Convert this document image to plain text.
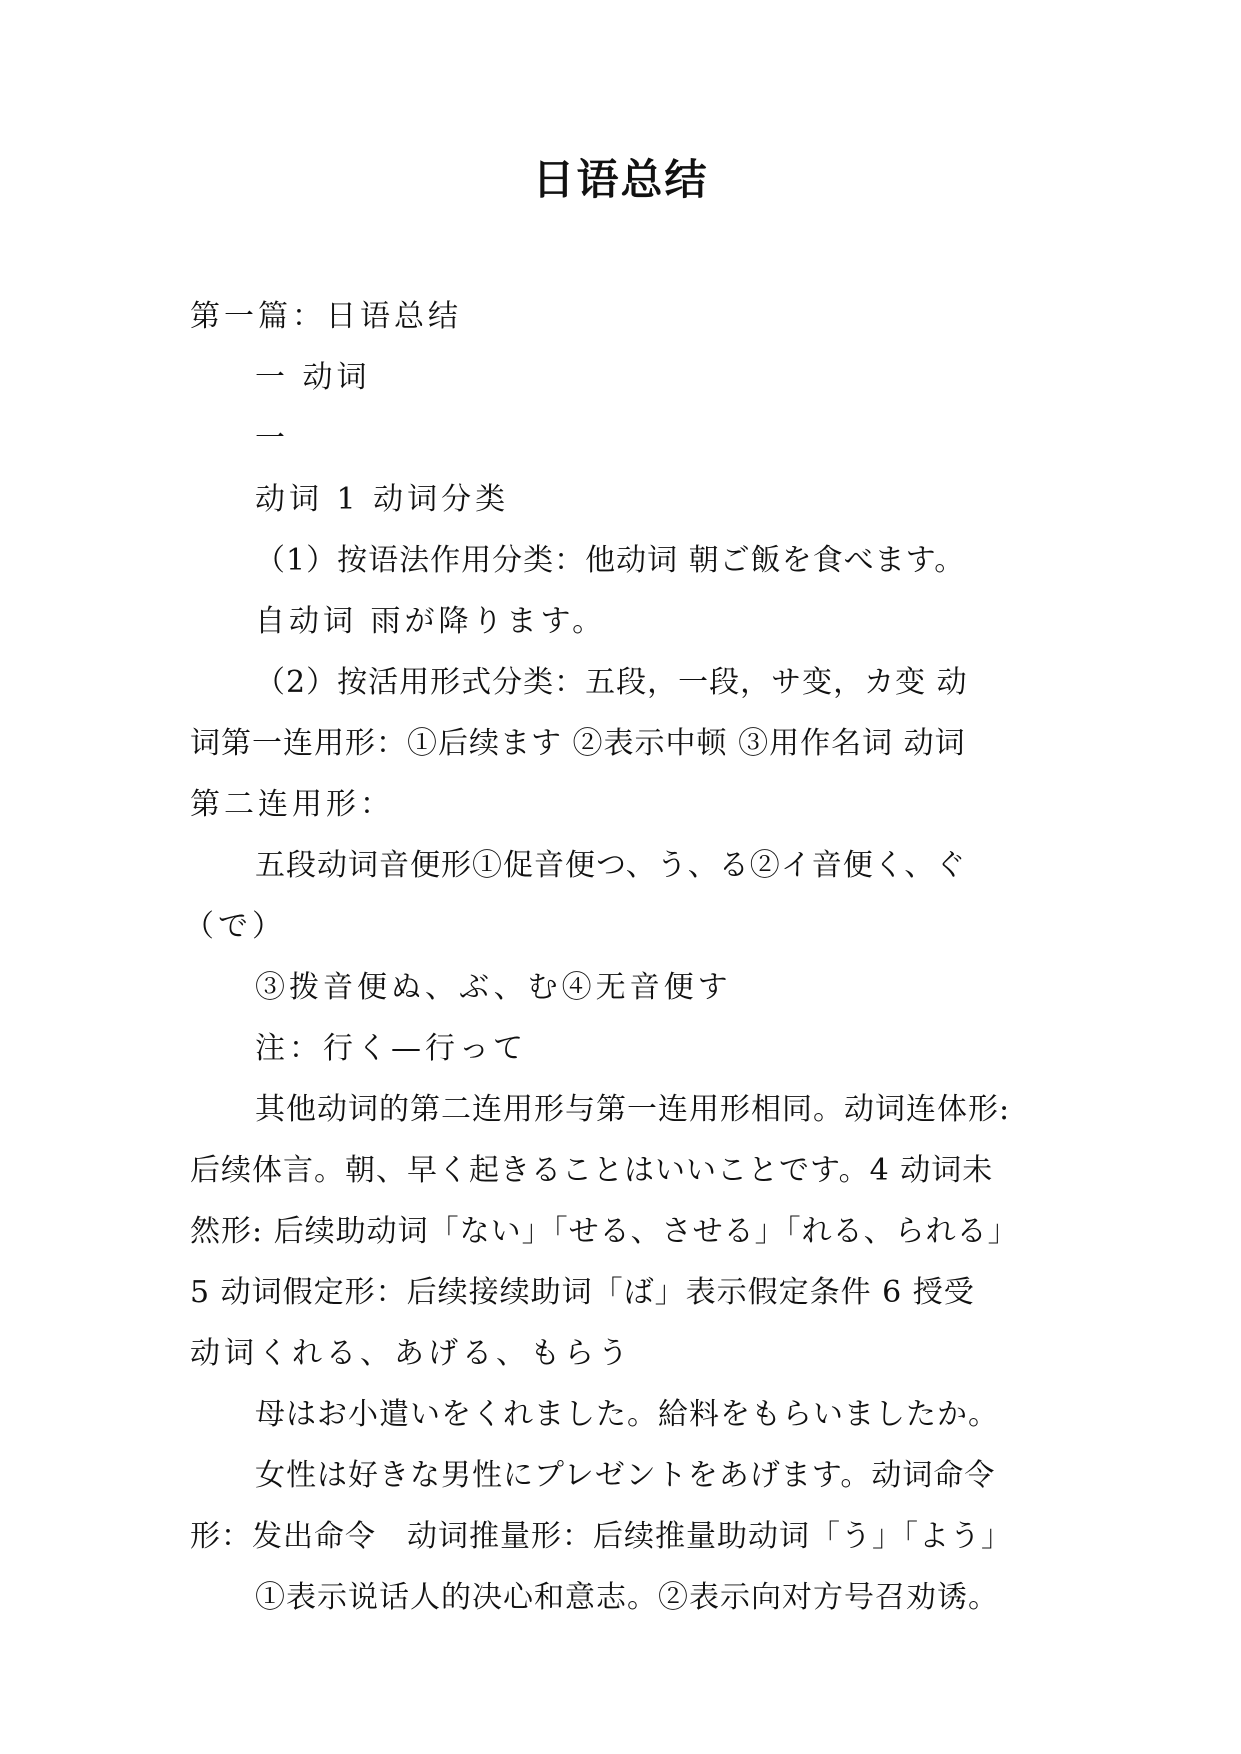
日语总结
第一篇：日语总结
一 动词
一
动词 1 动词分类
（1）按语法作用分类：他动词 朝ご飯を食べます。
自动词 雨が降ります。
（2）按活用形式分类：五段，一段，サ变，カ变 动
词第一连用形：①后续ます ②表示中顿 ③用作名词 动词
第二连用形：
五段动词音便形①促音便つ、う、る②イ音便く、ぐ
（で）
③拨音便ぬ、ぶ、む④无音便す
注：行く—行って
其他动词的第二连用形与第一连用形相同。动词连体形:
后续体言。朝、早く起きることはいいことです。4 动词未
然形: 后续助动词「ない」「せる、させる」「れる、られる」
5 动词假定形：后续接续助词「ば」表示假定条件 6 授受
动词くれる、あげる、もらう
母はお小遣いをくれました。給料をもらいましたか。
女性は好きな男性にプレゼントをあげます。动词命令
形：发出命令　动词推量形：后续推量助动词「う」「よう」
①表示说话人的决心和意志。②表示向对方号召劝诱。
